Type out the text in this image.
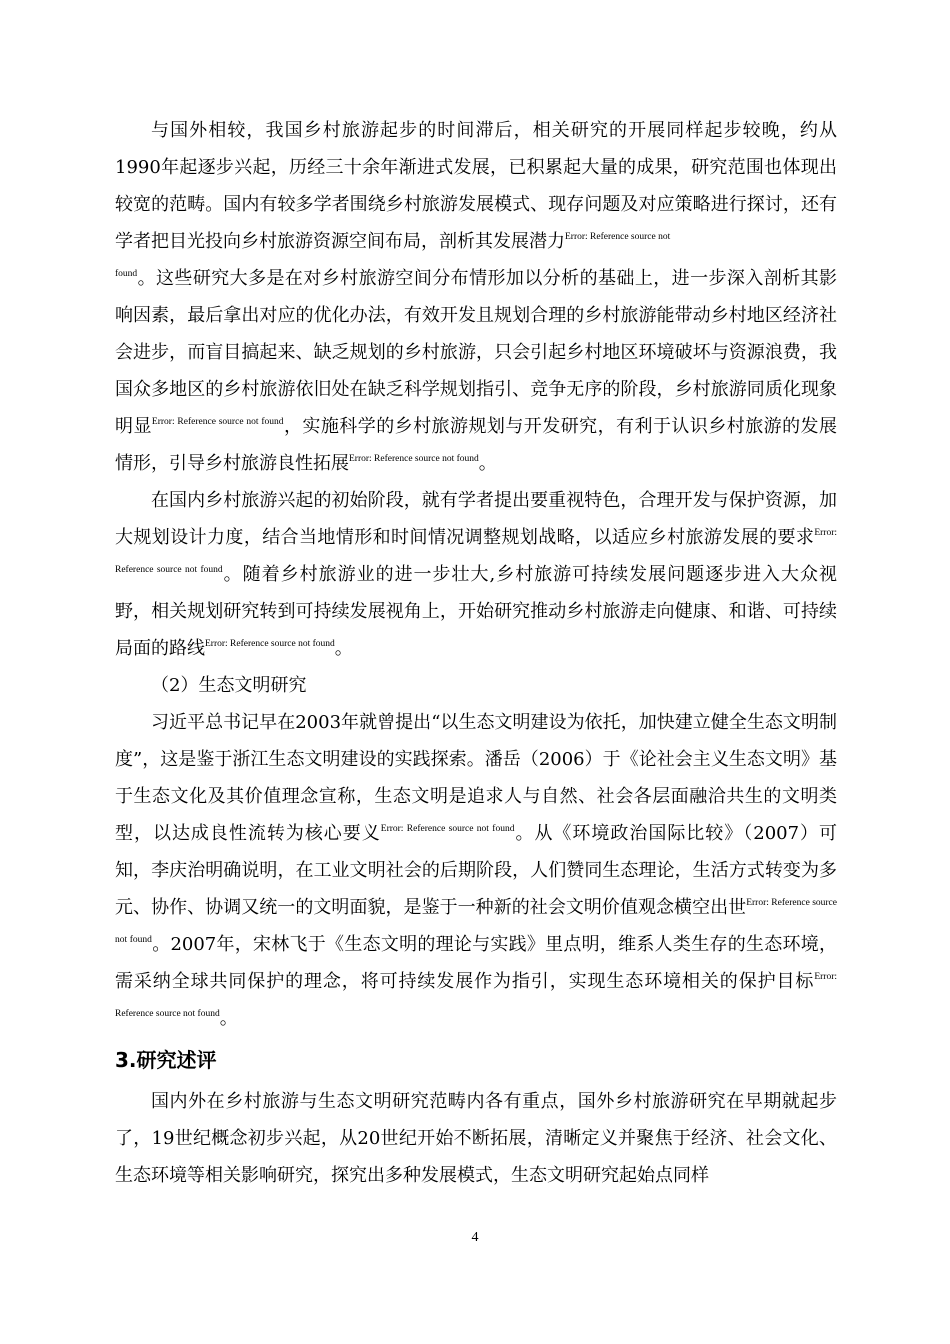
与国外相较，我国乡村旅游起步的时间滞后，相关研究的开展同样起步较晚，约从1990年起逐步兴起，历经三十余年渐进式发展，已积累起大量的成果，研究范围也体现出较宽的范畴。国内有较多学者围绕乡村旅游发展模式、现存问题及对应策略进行探讨，还有学者把目光投向乡村旅游资源空间布局，剖析其发展潜力$^{Error: Reference source not}$
$^{found}$。这些研究大多是在对乡村旅游空间分布情形加以分析的基础上，进一步深入剖析其影响因素，最后拿出对应的优化办法，有效开发且规划合理的乡村旅游能带动乡村地区经济社会进步，而盲目搞起来、缺乏规划的乡村旅游，只会引起乡村地区环境破坏与资源浪费，我国众多地区的乡村旅游依旧处在缺乏科学规划指引、竞争无序的阶段，乡村旅游同质化现象明显$^{Error: Reference source not found}$，实施科学的乡村旅游规划与开发研究，有利于认识乡村旅游的发展情形，引导乡村旅游良性拓展$^{Error: Reference source not found}$。

在国内乡村旅游兴起的初始阶段，就有学者提出要重视特色，合理开发与保护资源，加大规划设计力度，结合当地情形和时间情况调整规划战略，以适应乡村旅游发展的要求$^{Error: Reference source not found}$。随着乡村旅游业的进一步壮大,乡村旅游可持续发展问题逐步进入大众视野，相关规划研究转到可持续发展视角上，开始研究推动乡村旅游走向健康、和谐、可持续局面的路线$^{Error: Reference source not found}$。

（2）生态文明研究

习近平总书记早在2003年就曾提出“以生态文明建设为依托，加快建立健全生态文明制度”，这是鉴于浙江生态文明建设的实践探索。潘岳（2006）于《论社会主义生态文明》基于生态文化及其价值理念宣称，生态文明是追求人与自然、社会各层面融洽共生的文明类型，以达成良性流转为核心要义$^{Error: Reference source not found}$。从《环境政治国际比较》（2007）可知，李庆治明确说明，在工业文明社会的后期阶段，人们赞同生态理论，生活方式转变为多元、协作、协调又统一的文明面貌，是鉴于一种新的社会文明价值观念横空出世$^{Error: Reference source not found}$。2007年，宋林飞于《生态文明的理论与实践》里点明，维系人类生存的生态环境，需采纳全球共同保护的理念，将可持续发展作为指引，实现生态环境相关的保护目标$^{Error: Reference source not found}$。

3.研究述评

国内外在乡村旅游与生态文明研究范畴内各有重点，国外乡村旅游研究在早期就起步了，19世纪概念初步兴起，从20世纪开始不断拓展，清晰定义并聚焦于经济、社会文化、生态环境等相关影响研究，探究出多种发展模式，生态文明研究起始点同样

4
